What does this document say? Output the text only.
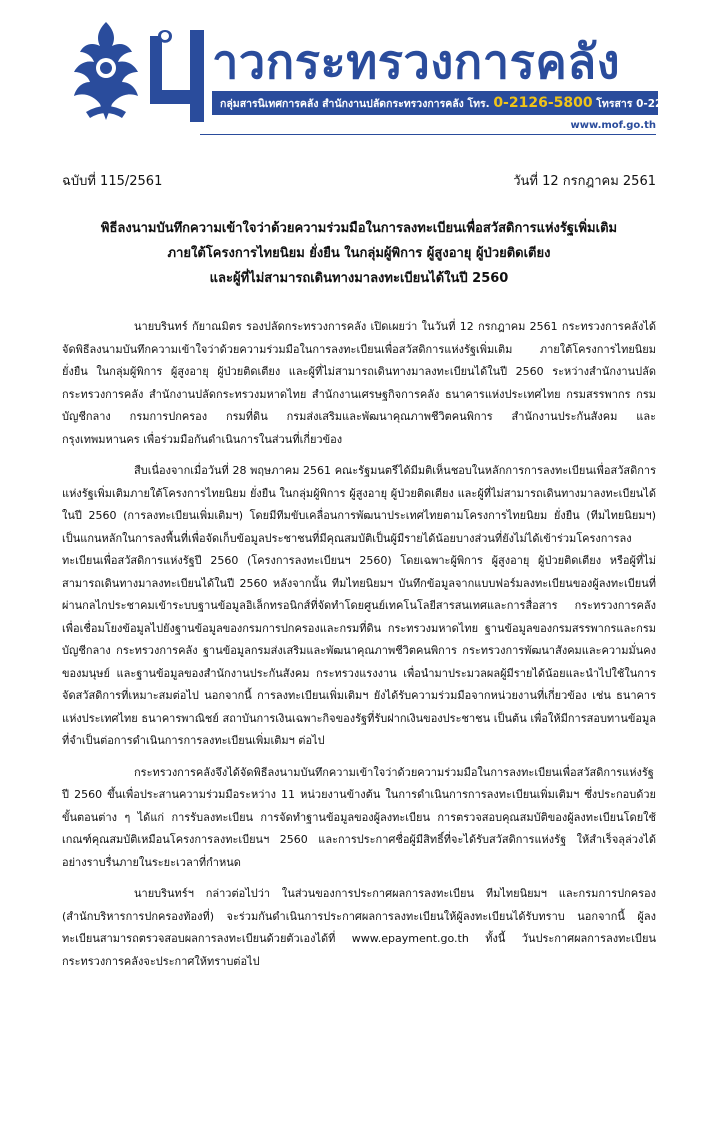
าวกระทรวงการคลัง
กลุ่มสารนิเทศการคลัง สำนักงานปลัดกระทรวงการคลัง โทร. 0-2126-5800 โทรสาร 0-2273-9763
www.mof.go.th
ฉบับที่ 115/2561	วันที่ 12 กรกฎาคม 2561
พิธีลงนามบันทึกความเข้าใจว่าด้วยความร่วมมือในการลงทะเบียนเพื่อสวัสดิการแห่งรัฐเพิ่มเติม
ภายใต้โครงการไทยนิยม ยั่งยืน ในกลุ่มผู้พิการ ผู้สูงอายุ ผู้ป่วยติดเตียง
และผู้ที่ไม่สามารถเดินทางมาลงทะเบียนได้ในปี 2560

นายบรินทร์ กัยาณมิตร รองปลัดกระทรวงการคลัง เปิดเผยว่า ในวันที่ 12 กรกฎาคม 2561 กระทรวงการคลังได้จัดพิธีลงนามบันทึกความเข้าใจว่าด้วยความร่วมมือในการลงทะเบียนเพื่อสวัสดิการแห่งรัฐเพิ่มเติม ภายใต้โครงการไทยนิยม ยั่งยืน ในกลุ่มผู้พิการ ผู้สูงอายุ ผู้ป่วยติดเตียง และผู้ที่ไม่สามารถเดินทางมาลงทะเบียนได้ในปี 2560 ระหว่างสำนักงานปลัดกระทรวงการคลัง สำนักงานปลัดกระทรวงมหาดไทย สำนักงานเศรษฐกิจการคลัง ธนาคารแห่งประเทศไทย กรมสรรพากร กรมบัญชีกลาง กรมการปกครอง กรมที่ดิน กรมส่งเสริมและพัฒนาคุณภาพชีวิตคนพิการ สำนักงานประกันสังคม และกรุงเทพมหานคร เพื่อร่วมมือกันดำเนินการในส่วนที่เกี่ยวข้อง

สืบเนื่องจากเมื่อวันที่ 28 พฤษภาคม 2561 คณะรัฐมนตรีได้มีมติเห็นชอบในหลักการการลงทะเบียนเพื่อสวัสดิการแห่งรัฐเพิ่มเติมภายใต้โครงการไทยนิยม ยั่งยืน ในกลุ่มผู้พิการ ผู้สูงอายุ ผู้ป่วยติดเตียง และผู้ที่ไม่สามารถเดินทางมาลงทะเบียนได้ในปี 2560 (การลงทะเบียนเพิ่มเติมฯ) โดยมีทีมขับเคลื่อนการพัฒนาประเทศไทยตามโครงการไทยนิยม ยั่งยืน (ทีมไทยนิยมฯ) เป็นแกนหลักในการลงพื้นที่เพื่อจัดเก็บข้อมูลประชาชนที่มีคุณสมบัติเป็นผู้มีรายได้น้อยบางส่วนที่ยังไม่ได้เข้าร่วมโครงการลงทะเบียนเพื่อสวัสดิการแห่งรัฐปี 2560 (โครงการลงทะเบียนฯ 2560) โดยเฉพาะผู้พิการ ผู้สูงอายุ ผู้ป่วยติดเตียง หรือผู้ที่ไม่สามารถเดินทางมาลงทะเบียนได้ในปี 2560 หลังจากนั้น ทีมไทยนิยมฯ บันทึกข้อมูลจากแบบฟอร์มลงทะเบียนของผู้ลงทะเบียนที่ผ่านกลไกประชาคมเข้าระบบฐานข้อมูลอิเล็กทรอนิกส์ที่จัดทำโดยศูนย์เทคโนโลยีสารสนเทศและการสื่อสาร กระทรวงการคลัง เพื่อเชื่อมโยงข้อมูลไปยังฐานข้อมูลของกรมการปกครองและกรมที่ดิน กระทรวงมหาดไทย ฐานข้อมูลของกรมสรรพากรและกรมบัญชีกลาง กระทรวงการคลัง ฐานข้อมูลกรมส่งเสริมและพัฒนาคุณภาพชีวิตคนพิการ กระทรวงการพัฒนาสังคมและความมั่นคงของมนุษย์ และฐานข้อมูลของสำนักงานประกันสังคม กระทรวงแรงงาน เพื่อนำมาประมวลผลผู้มีรายได้น้อยและนำไปใช้ในการจัดสวัสดิการที่เหมาะสมต่อไป นอกจากนี้ การลงทะเบียนเพิ่มเติมฯ ยังได้รับความร่วมมือจากหน่วยงานที่เกี่ยวข้อง เช่น ธนาคารแห่งประเทศไทย ธนาคารพาณิชย์ สถาบันการเงินเฉพาะกิจของรัฐที่รับฝากเงินของประชาชน เป็นต้น เพื่อให้มีการสอบทานข้อมูลที่จำเป็นต่อการดำเนินการการลงทะเบียนเพิ่มเติมฯ ต่อไป

กระทรวงการคลังจึงได้จัดพิธีลงนามบันทึกความเข้าใจว่าด้วยความร่วมมือในการลงทะเบียนเพื่อสวัสดิการแห่งรัฐปี 2560 ขึ้นเพื่อประสานความร่วมมือระหว่าง 11 หน่วยงานข้างต้น ในการดำเนินการการลงทะเบียนเพิ่มเติมฯ ซึ่งประกอบด้วยขั้นตอนต่าง ๆ ได้แก่ การรับลงทะเบียน การจัดทำฐานข้อมูลของผู้ลงทะเบียน การตรวจสอบคุณสมบัติของผู้ลงทะเบียนโดยใช้เกณฑ์คุณสมบัติเหมือนโครงการลงทะเบียนฯ 2560 และการประกาศชื่อผู้มีสิทธิ์ที่จะได้รับสวัสดิการแห่งรัฐ ให้สำเร็จลุล่วงได้อย่างราบรื่นภายในระยะเวลาที่กำหนด

นายบรินทร์ฯ กล่าวต่อไปว่า ในส่วนของการประกาศผลการลงทะเบียน ทีมไทยนิยมฯ และกรมการปกครอง (สำนักบริหารการปกครองท้องที่) จะร่วมกันดำเนินการประกาศผลการลงทะเบียนให้ผู้ลงทะเบียนได้รับทราบ นอกจากนี้ ผู้ลงทะเบียนสามารถตรวจสอบผลการลงทะเบียนด้วยตัวเองได้ที่ www.epayment.go.th ทั้งนี้ วันประกาศผลการลงทะเบียนกระทรวงการคลังจะประกาศให้ทราบต่อไป
